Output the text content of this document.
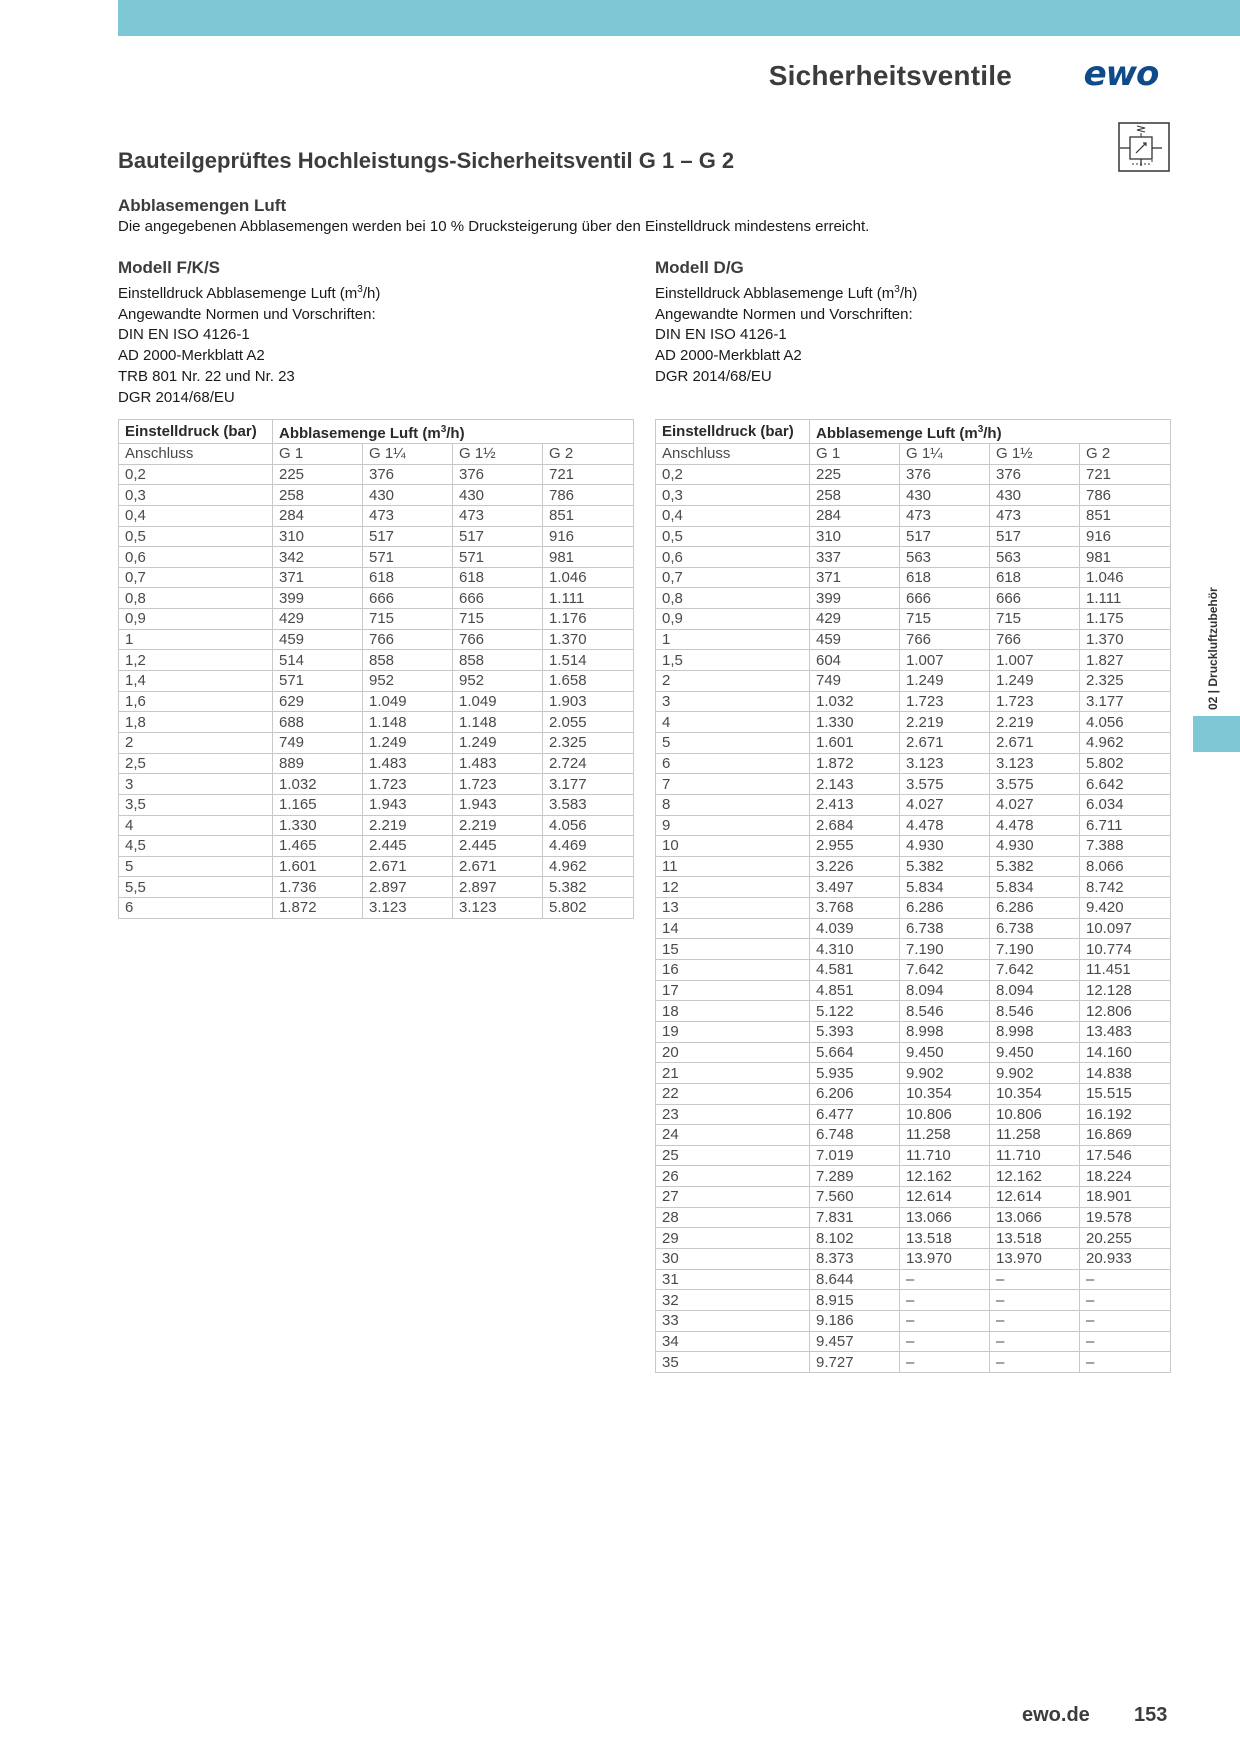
Sicherheitsventile ewo
Bauteilgeprüftes Hochleistungs-Sicherheitsventil G 1 – G 2
Abblasemengen Luft
Die angegebenen Abblasemengen werden bei 10 % Drucksteigerung über den Einstelldruck mindestens erreicht.
Modell F/K/S
Einstelldruck Abblasemenge Luft $(m^3/h)$
Angewandte Normen und Vorschriften:
DIN EN ISO 4126-1
AD 2000-Merkblatt A2
TRB 801 Nr. 22 und Nr. 23
DGR 2014/68/EU
Modell D/G
Einstelldruck Abblasemenge Luft $(m^3/h)$
Angewandte Normen und Vorschriften:
DIN EN ISO 4126-1
AD 2000-Merkblatt A2
DGR 2014/68/EU
Einstelldruck (bar)	Abblasemenge Luft $(m^3/h)$			
Anschluss	G 1	G 1¼	G 1½	G 2
0,2	225	376	376	721
0,3	258	430	430	786
0,4	284	473	473	851
0,5	310	517	517	916
0,6	342	571	571	981
0,7	371	618	618	1.046
0,8	399	666	666	1.111
0,9	429	715	715	1.176
1	459	766	766	1.370
1,2	514	858	858	1.514
1,4	571	952	952	1.658
1,6	629	1.049	1.049	1.903
1,8	688	1.148	1.148	2.055
2	749	1.249	1.249	2.325
2,5	889	1.483	1.483	2.724
3	1.032	1.723	1.723	3.177
3,5	1.165	1.943	1.943	3.583
4	1.330	2.219	2.219	4.056
4,5	1.465	2.445	2.445	4.469
5	1.601	2.671	2.671	4.962
5,5	1.736	2.897	2.897	5.382
6	1.872	3.123	3.123	5.802
Einstelldruck (bar)	Abblasemenge Luft $(m^3/h)$			
Anschluss	G 1	G 1¼	G 1½	G 2
0,2	225	376	376	721
0,3	258	430	430	786
0,4	284	473	473	851
0,5	310	517	517	916
0,6	337	563	563	981
0,7	371	618	618	1.046
0,8	399	666	666	1.111
0,9	429	715	715	1.175
1	459	766	766	1.370
1,5	604	1.007	1.007	1.827
2	749	1.249	1.249	2.325
3	1.032	1.723	1.723	3.177
4	1.330	2.219	2.219	4.056
5	1.601	2.671	2.671	4.962
6	1.872	3.123	3.123	5.802
7	2.143	3.575	3.575	6.642
8	2.413	4.027	4.027	6.034
9	2.684	4.478	4.478	6.711
10	2.955	4.930	4.930	7.388
11	3.226	5.382	5.382	8.066
12	3.497	5.834	5.834	8.742
13	3.768	6.286	6.286	9.420
14	4.039	6.738	6.738	10.097
15	4.310	7.190	7.190	10.774
16	4.581	7.642	7.642	11.451
17	4.851	8.094	8.094	12.128
18	5.122	8.546	8.546	12.806
19	5.393	8.998	8.998	13.483
20	5.664	9.450	9.450	14.160
21	5.935	9.902	9.902	14.838
22	6.206	10.354	10.354	15.515
23	6.477	10.806	10.806	16.192
24	6.748	11.258	11.258	16.869
25	7.019	11.710	11.710	17.546
26	7.289	12.162	12.162	18.224
27	7.560	12.614	12.614	18.901
28	7.831	13.066	13.066	19.578
29	8.102	13.518	13.518	20.255
30	8.373	13.970	13.970	20.933
31	8.644	–	–	–
32	8.915	–	–	–
33	9.186	–	–	–
34	9.457	–	–	–
35	9.727	–	–	–
02 | Druckluftzubehör
ewo.de 153
